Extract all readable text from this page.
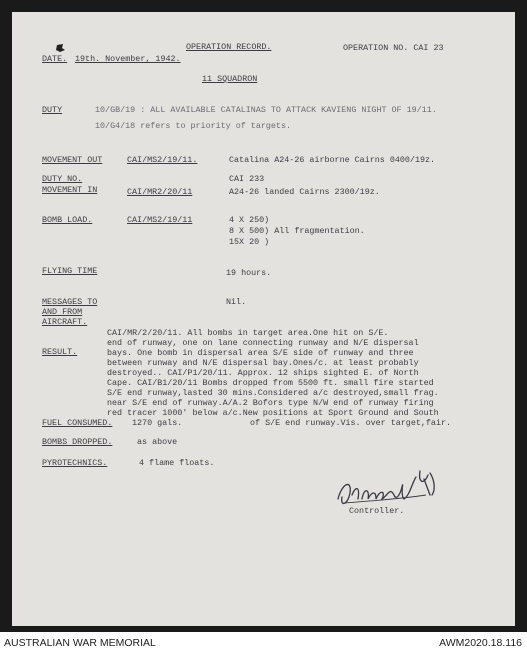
OPERATION RECORD.	OPERATION NO. CAI 23
DATE. 19th. November, 1942.
11 SQUADRON
DUTY	10/GB/19 : ALL AVAILABLE CATALINAS TO ATTACK KAVIENG NIGHT OF 19/11.
10/G4/18 refers to priority of targets.
MOVEMENT OUT	CAI/MS2/19/11.	Catalina A24-26 airborne Cairns 0400/19z.
DUTY NO.	CAI 233
MOVEMENT IN	CAI/MR2/20/11	A24-26 landed Cairns 2300/19z.
BOMB LOAD.	CAI/MS2/19/11	4 X 250)
8 X 500) All fragmentation.
15X 20 )
FLYING TIME	19 hours.
MESSAGES TO
AND FROM
AIRCRAFT.
Nil.
RESULT.
CAI/MR/2/20/11. All bombs in target area.One hit on S/E.
end of runway, one on lane connecting runway and N/E dispersal
bays. One bomb in dispersal area S/E side of runway and three
between runway and N/E dispersal bay.Ones/c. at least probably
destroyed.. CAI/P1/20/11. Approx. 12 ships sighted E. of North
Cape. CAI/B1/20/11 Bombs dropped from 5500 ft. small fire started
S/E end runway,lasted 30 mins.Considered a/c destroyed,small frag.
near S/E end of runway.A/A.2 Bofors type N/W end of runway firing
red tracer 1000' below a/c.New positions at Sport Ground and South
of S/E end runway.Vis. over target,fair.
FUEL CONSUMED. 1270 gals.
BOMBS DROPPED.	as above
PYROTECHNICS.	4 flame floats.
Controller.
AUSTRALIAN WAR MEMORIAL	AWM2020.18.116
